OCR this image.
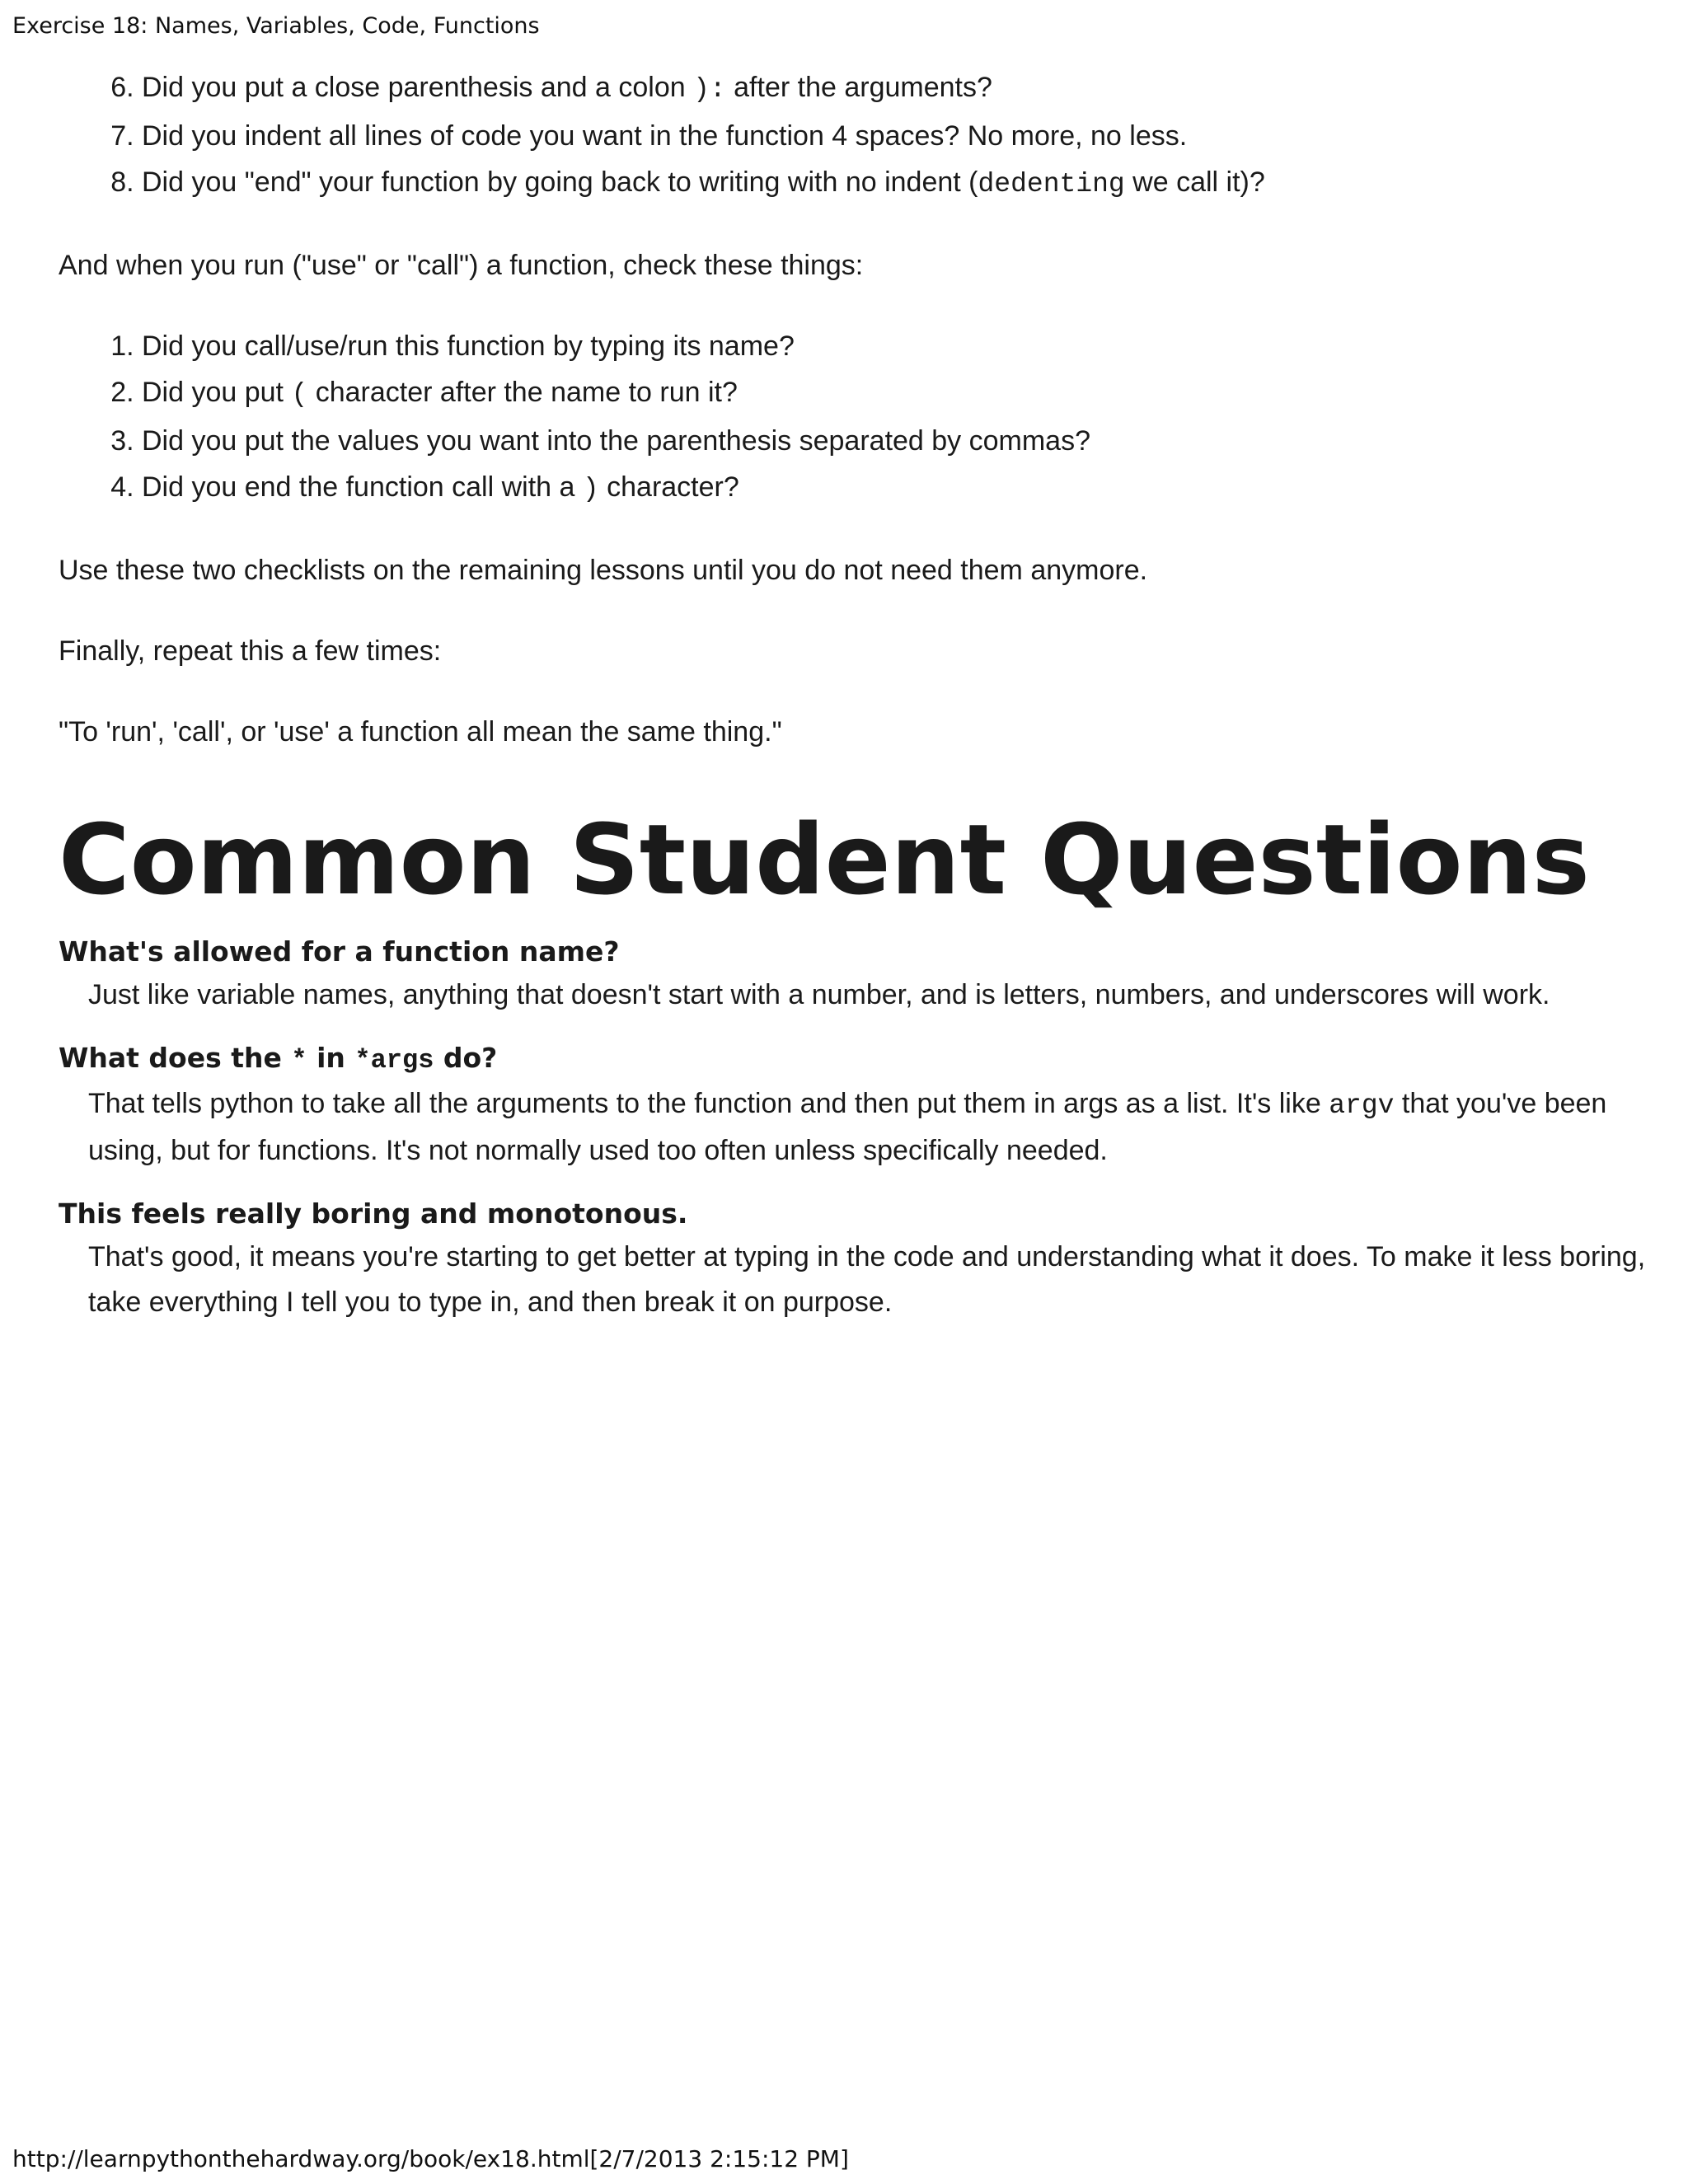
Exercise 18: Names, Variables, Code, Functions
6. Did you put a close parenthesis and a colon ): after the arguments?
7. Did you indent all lines of code you want in the function 4 spaces? No more, no less.
8. Did you "end" your function by going back to writing with no indent (dedenting we call it)?

And when you run ("use" or "call") a function, check these things:

1. Did you call/use/run this function by typing its name?
2. Did you put ( character after the name to run it?
3. Did you put the values you want into the parenthesis separated by commas?
4. Did you end the function call with a ) character?

Use these two checklists on the remaining lessons until you do not need them anymore.

Finally, repeat this a few times:

"To 'run', 'call', or 'use' a function all mean the same thing."

Common Student Questions
What's allowed for a function name?
Just like variable names, anything that doesn't start with a number, and is letters, numbers, and underscores will work.
What does the * in *args do?
That tells python to take all the arguments to the function and then put them in args as a list. It's like argv that you've been using, but for functions. It's not normally used too often unless specifically needed.
This feels really boring and monotonous.
That's good, it means you're starting to get better at typing in the code and understanding what it does. To make it less boring, take everything I tell you to type in, and then break it on purpose.
http://learnpythonthehardway.org/book/ex18.html[2/7/2013 2:15:12 PM]
